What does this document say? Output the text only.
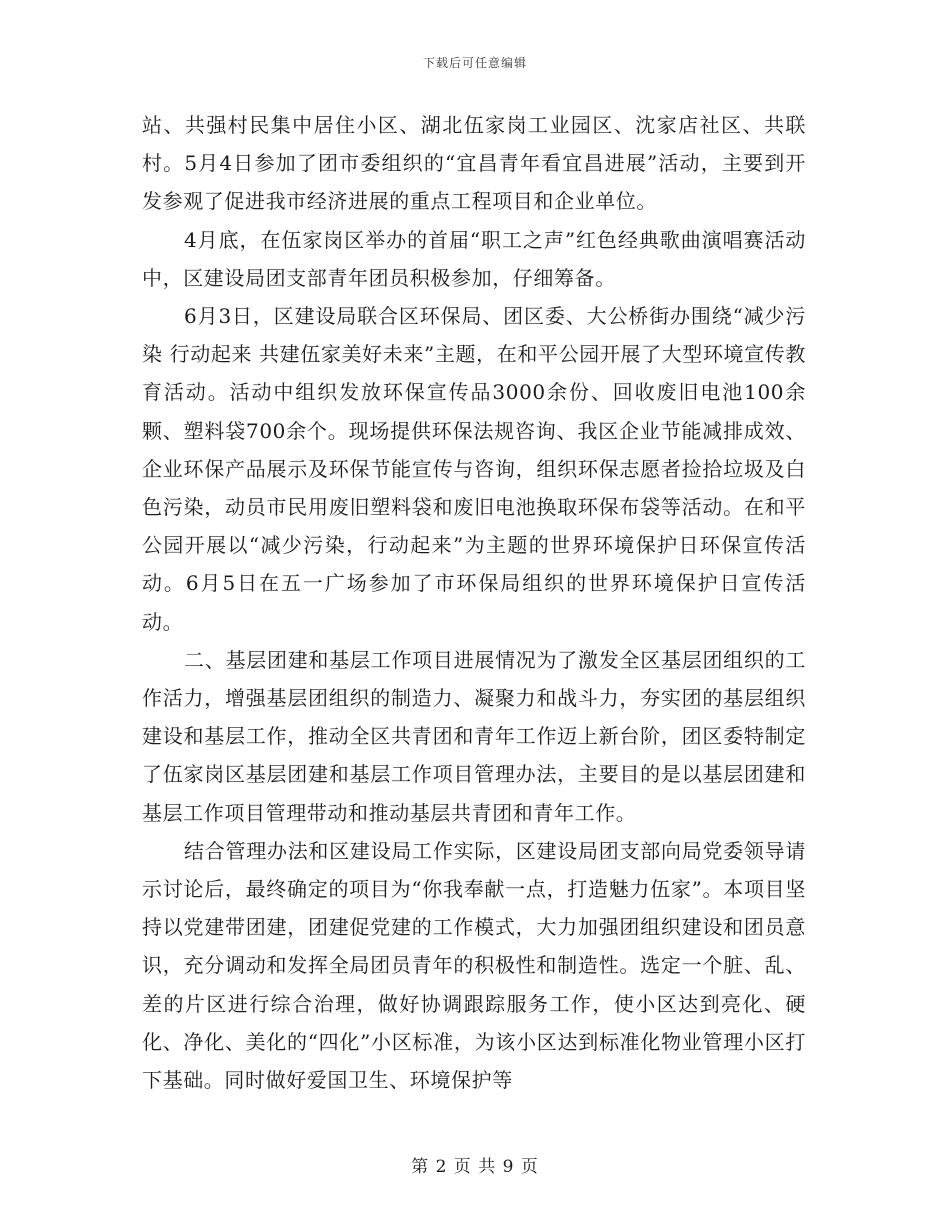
下载后可任意编辑

站、共强村民集中居住小区、湖北伍家岗工业园区、沈家店社区、共联村。5月4日参加了团市委组织的“宜昌青年看宜昌进展”活动，主要到开发参观了促进我市经济进展的重点工程项目和企业单位。

4月底，在伍家岗区举办的首届“职工之声”红色经典歌曲演唱赛活动中，区建设局团支部青年团员积极参加，仔细筹备。

6月3日，区建设局联合区环保局、团区委、大公桥街办围绕“减少污染 行动起来 共建伍家美好未来”主题，在和平公园开展了大型环境宣传教育活动。活动中组织发放环保宣传品3000余份、回收废旧电池100余颗、塑料袋700余个。现场提供环保法规咨询、我区企业节能减排成效、企业环保产品展示及环保节能宣传与咨询，组织环保志愿者捡拾垃圾及白色污染，动员市民用废旧塑料袋和废旧电池换取环保布袋等活动。在和平公园开展以“减少污染，行动起来”为主题的世界环境保护日环保宣传活动。6月5日在五一广场参加了市环保局组织的世界环境保护日宣传活动。

二、基层团建和基层工作项目进展情况为了激发全区基层团组织的工作活力，增强基层团组织的制造力、凝聚力和战斗力，夯实团的基层组织建设和基层工作，推动全区共青团和青年工作迈上新台阶，团区委特制定了伍家岗区基层团建和基层工作项目管理办法，主要目的是以基层团建和基层工作项目管理带动和推动基层共青团和青年工作。

结合管理办法和区建设局工作实际，区建设局团支部向局党委领导请示讨论后，最终确定的项目为“你我奉献一点，打造魅力伍家”。本项目坚持以党建带团建，团建促党建的工作模式，大力加强团组织建设和团员意识，充分调动和发挥全局团员青年的积极性和制造性。选定一个脏、乱、差的片区进行综合治理，做好协调跟踪服务工作，使小区达到亮化、硬化、净化、美化的“四化”小区标准，为该小区达到标准化物业管理小区打下基础。同时做好爱国卫生、环境保护等

第 2 页 共 9 页
